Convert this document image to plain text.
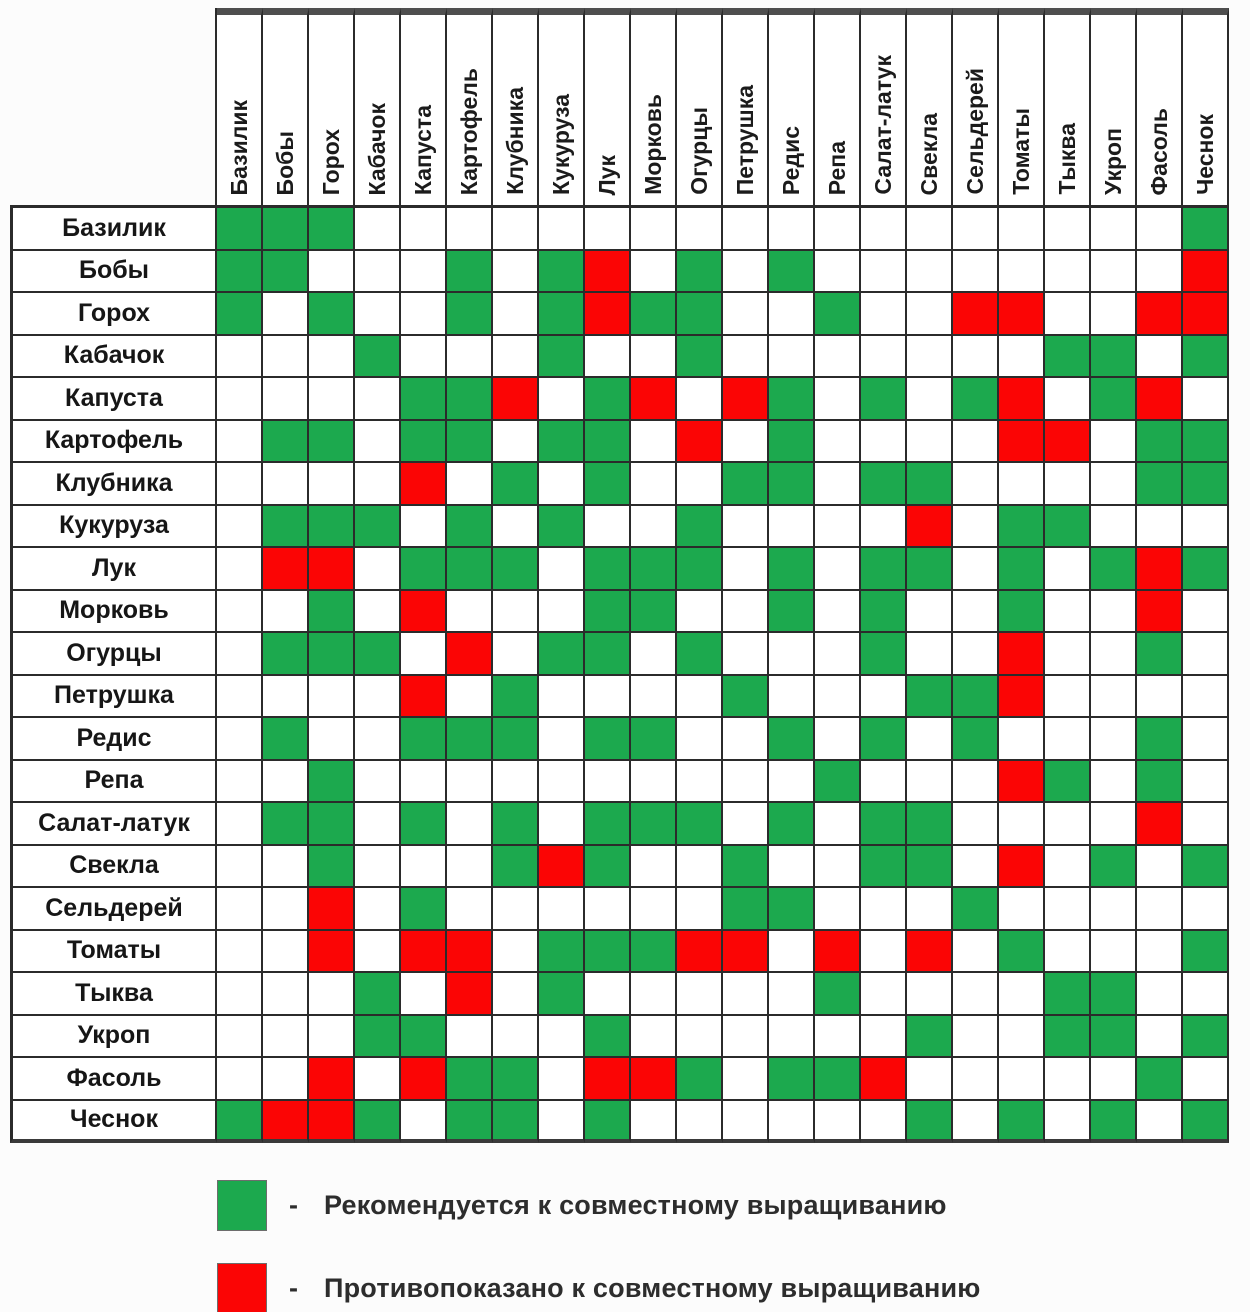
Базилик Бобы Горох Кабачок Капуста Картофель Клубника Кукуруза Лук Морковь Огурцы Петрушка Редис Репа Салат-латук Свекла Сельдерей Томаты Тыква Укроп Фасоль Чеснок
Базилик
Бобы
Горох
Кабачок
Капуста
Картофель
Клубника
Кукуруза
Лук
Морковь
Огурцы
Петрушка
Редис
Репа
Салат-латук
Свекла
Сельдерей
Томаты
Тыква
Укроп
Фасоль
Чеснок
- Рекомендуется к совместному выращиванию
- Противопоказано к совместному выращиванию
